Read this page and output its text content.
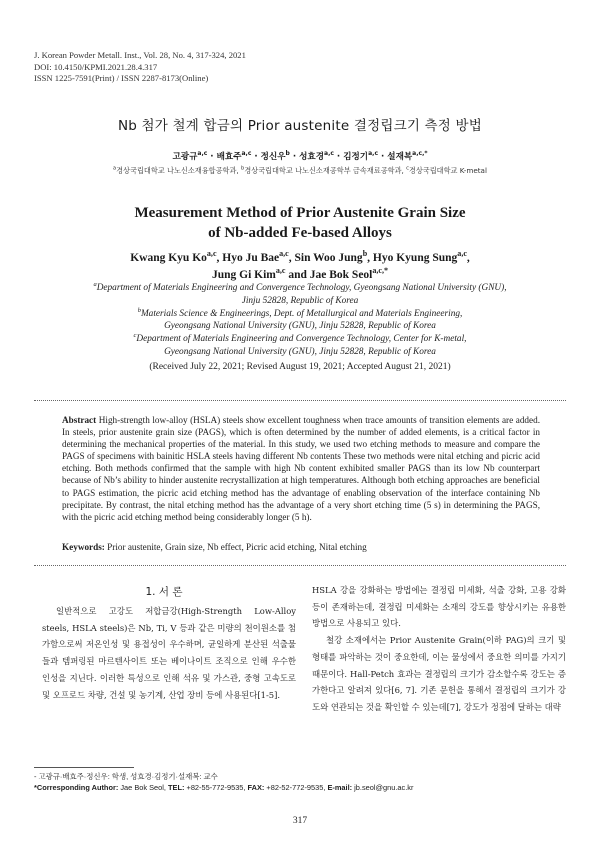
J. Korean Powder Metall. Inst., Vol. 28, No. 4, 317-324, 2021
DOI: 10.4150/KPMI.2021.28.4.317
ISSN 1225-7591(Print) / ISSN 2287-8173(Online)
Nb 첨가 철계 합금의 Prior austenite 결정립크기 측정 방법
고광규$^{a,c}$ · 배효주$^{a,c}$ · 정신우$^b$ · 성효경$^{a,c}$ · 김정기$^{a,c}$ · 설재복$^{a,c,*}$
$^a$경상국립대학교 나노신소재융합공학과, $^b$경상국립대학교 나노신소재공학부 금속재료공학과, $^c$경상국립대학교 K-metal
Measurement Method of Prior Austenite Grain Size
of Nb-added Fe-based Alloys
Kwang Kyu Ko$^{a,c}$, Hyo Ju Bae$^{a,c}$, Sin Woo Jung$^b$, Hyo Kyung Sung$^{a,c}$,
Jung Gi Kim$^{a,c}$ and Jae Bok Seol$^{a,c,*}$
$^a$Department of Materials Engineering and Convergence Technology, Gyeongsang National University (GNU),
Jinju 52828, Republic of Korea
$^b$Materials Science & Engineerings, Dept. of Metallurgical and Materials Engineering,
Gyeongsang National University (GNU), Jinju 52828, Republic of Korea
$^c$Department of Materials Engineering and Convergence Technology, Center for K-metal,
Gyeongsang National University (GNU), Jinju 52828, Republic of Korea
(Received July 22, 2021; Revised August 19, 2021; Accepted August 21, 2021)
Abstract High-strength low-alloy (HSLA) steels show excellent toughness when trace amounts of transition elements are added. In steels, prior austenite grain size (PAGS), which is often determined by the number of added elements, is a critical factor in determining the mechanical properties of the material. In this study, we used two etching methods to measure and compare the PAGS of specimens with bainitic HSLA steels having different Nb contents These two methods were nital etching and picric acid etching. Both methods confirmed that the sample with high Nb content exhibited smaller PAGS than its low Nb counterpart because of Nb’s ability to hinder austenite recrystallization at high temperatures. Although both etching approaches are beneficial to PAGS estimation, the picric acid etching method has the advantage of enabling observation of the interface containing Nb precipitate. By contrast, the nital etching method has the advantage of a very short etching time (5 s) in determining the PAGS, with the picric acid etching method being considerably longer (5 h).
Keywords: Prior austenite, Grain size, Nb effect, Picric acid etching, Nital etching
1. 서 론

일반적으로 고강도 저합금강(High-Strength Low-Alloy steels, HSLA steels)은 Nb, Ti, V 등과 같은 미량의 천이원소를 첨가함으로써 저온인성 및 용접성이 우수하며, 균일하게 분산된 석출물들과 템퍼링된 마르텐사이트 또는 베이나이트 조직으로 인해 우수한 인성을 지닌다. 이러한 특성으로 인해 석유 및 가스관, 중형 고속도로 및 오프로드 차량, 건설 및 농기계, 산업 장비 등에 사용된다[1-5].

HSLA 강을 강화하는 방법에는 결정립 미세화, 석출 강화, 고용 강화 등이 존재하는데, 결정립 미세화는 소재의 강도를 향상시키는 유용한 방법으로 사용되고 있다.

철강 소재에서는 Prior Austenite Grain(이하 PAG)의 크기 및 형태를 파악하는 것이 중요한데, 이는 물성에서 중요한 의미를 가지기 때문이다. Hall-Petch 효과는 결정립의 크기가 감소할수록 강도는 증가한다고 알려져 있다[6, 7]. 기존 문헌을 통해서 결정립의 크기가 강도와 연관되는 것을 확인할 수 있는데[7], 강도가 정점에 달하는 대략

- 고광규·배효주·정신우: 학생, 성효경·김정기·설재복: 교수
*Corresponding Author: Jae Bok Seol, TEL: +82-55-772-9535, FAX: +82-52-772-9535, E-mail: jb.seol@gnu.ac.kr
317
